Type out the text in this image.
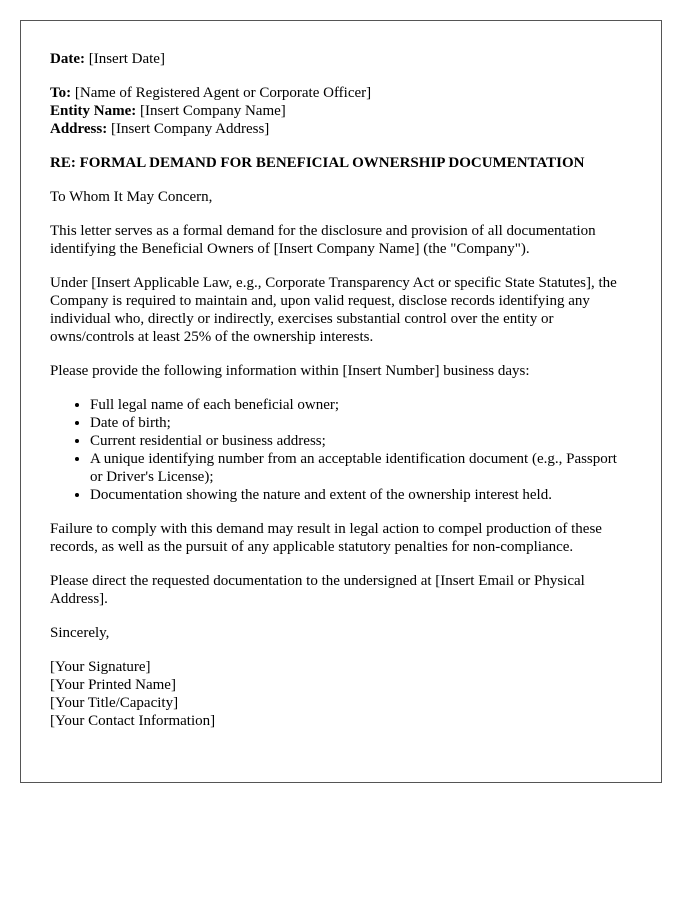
Date: [Insert Date]
To: [Name of Registered Agent or Corporate Officer]
Entity Name: [Insert Company Name]
Address: [Insert Company Address]

RE: FORMAL DEMAND FOR BENEFICIAL OWNERSHIP DOCUMENTATION

To Whom It May Concern,

This letter serves as a formal demand for the disclosure and provision of all documentation identifying the Beneficial Owners of [Insert Company Name] (the "Company").

Under [Insert Applicable Law, e.g., Corporate Transparency Act or specific State Statutes], the Company is required to maintain and, upon valid request, disclose records identifying any individual who, directly or indirectly, exercises substantial control over the entity or owns/controls at least 25% of the ownership interests.

Please provide the following information within [Insert Number] business days:

• Full legal name of each beneficial owner;
• Date of birth;
• Current residential or business address;
• A unique identifying number from an acceptable identification document (e.g., Passport or Driver's License);
• Documentation showing the nature and extent of the ownership interest held.

Failure to comply with this demand may result in legal action to compel production of these records, as well as the pursuit of any applicable statutory penalties for non-compliance.

Please direct the requested documentation to the undersigned at [Insert Email or Physical Address].

Sincerely,

[Your Signature]
[Your Printed Name]
[Your Title/Capacity]
[Your Contact Information]
